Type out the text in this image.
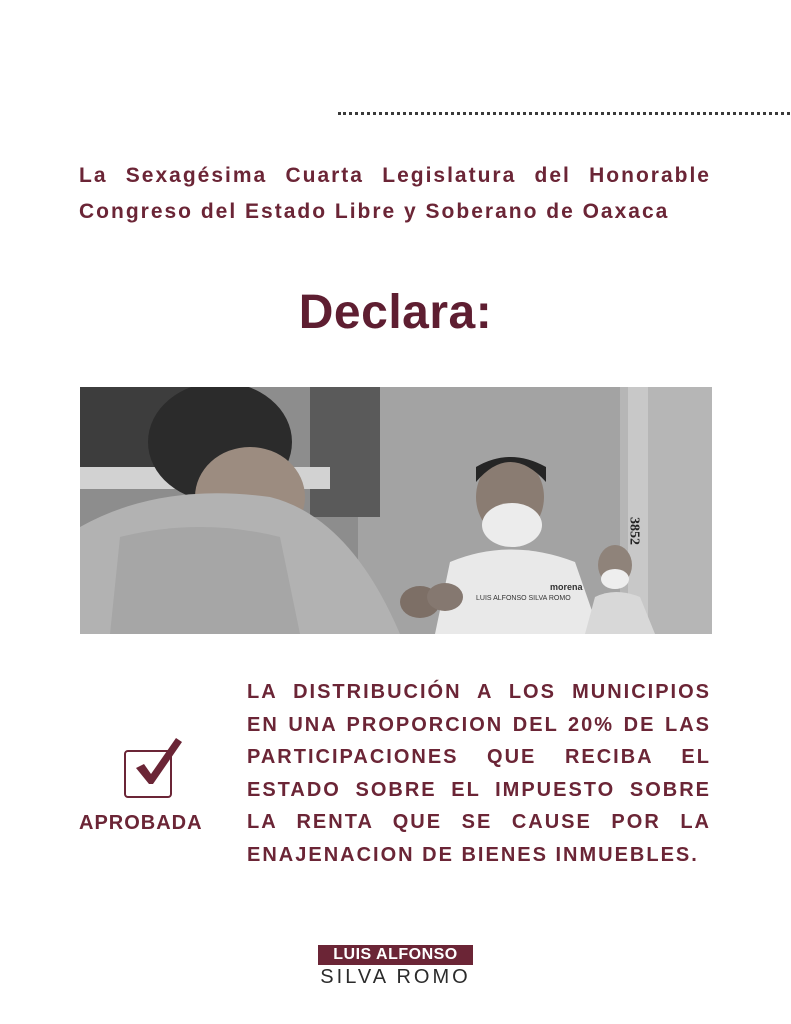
La Sexagésima Cuarta Legislatura del Honorable Congreso del Estado Libre y Soberano de Oaxaca
Declara:
LUIS ALFONSO SILVA ROMO
morena
3852
APROBADA
LA DISTRIBUCIÓN A LOS MUNICIPIOS EN UNA PROPORCION DEL 20% DE LAS PARTICIPACIONES QUE RECIBA EL ESTADO SOBRE EL IMPUESTO SOBRE LA RENTA QUE SE CAUSE POR LA ENAJENACION DE BIENES INMUEBLES.
LUIS ALFONSO
SILVA ROMO
